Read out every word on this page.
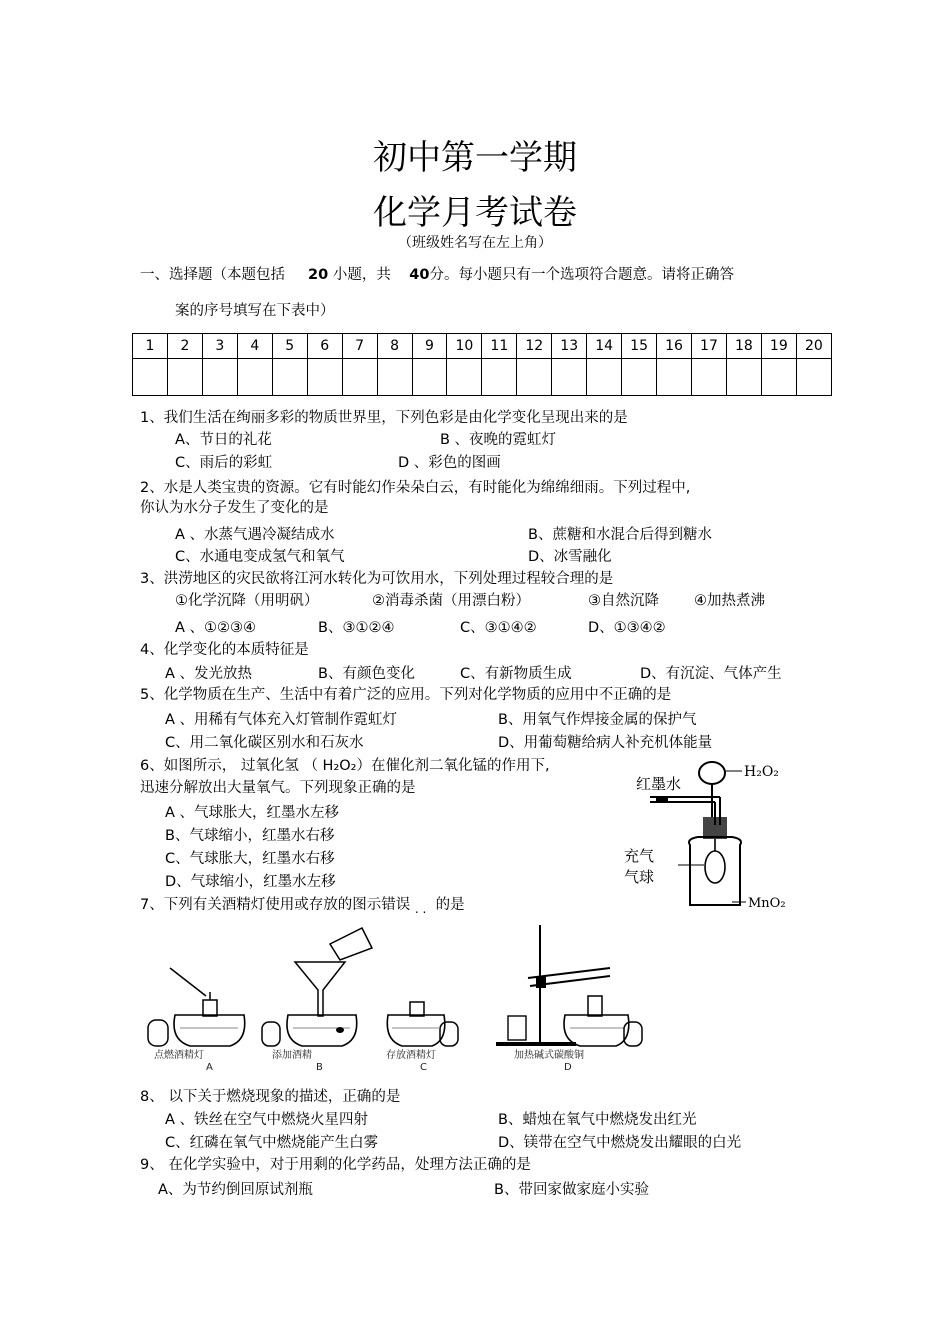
初中第一学期
化学月考试卷
（班级姓名写在左上角）
一、选择题（本题包括 20 小题，共 40分。每小题只有一个选项符合题意。请将正确答
案的序号填写在下表中）
1	2	3	4	5	6	7	8	9	10	11	12	13	14	15	16	17	18	19	20

1、我们生活在绚丽多彩的物质世界里，下列色彩是由化学变化呈现出来的是
A、节日的礼花	B 、夜晚的霓虹灯
C、雨后的彩虹	D 、彩色的图画
2、水是人类宝贵的资源。它有时能幻作朵朵白云，有时能化为绵绵细雨。下列过程中,
你认为水分子发生了变化的是
A 、水蒸气遇冷凝结成水	B、蔗糖和水混合后得到糖水
C、水通电变成氢气和氧气	D、冰雪融化
3、洪涝地区的灾民欲将江河水转化为可饮用水，下列处理过程较合理的是
①化学沉降（用明矾）	②消毒杀菌（用漂白粉）	③自然沉降 ④加热煮沸
A 、①②③④	B、③①②④	C、③①④②	D、①③④②
4、化学变化的本质特征是
A 、发光放热	B、有颜色变化	C、有新物质生成	D、有沉淀、气体产生
5、化学物质在生产、生活中有着广泛的应用。下列对化学物质的应用中不正确的是
A 、用稀有气体充入灯管制作霓虹灯	B、用氧气作焊接金属的保护气
C、用二氧化碳区别水和石灰水	D、用葡萄糖给病人补充机体能量
6、如图所示， 过氧化氢 （ H₂O₂）在催化剂二氧化锰的作用下,
迅速分解放出大量氧气。下列现象正确的是
A 、气球胀大，红墨水左移
B、气球缩小，红墨水右移
C、气球胀大，红墨水右移
D、气球缩小，红墨水左移
红墨水
H₂O₂
充气
气球
MnO₂
7、下列有关酒精灯使用或存放的图示错误 $_{. .}$ 的是
点燃酒精灯
A
添加酒精
B
存放酒精灯
C
加热碱式碳酸铜
D
8、 以下关于燃烧现象的描述，正确的是
A 、铁丝在空气中燃烧火星四射	B、蜡烛在氧气中燃烧发出红光
C、红磷在氧气中燃烧能产生白雾	D、镁带在空气中燃烧发出耀眼的白光
9、 在化学实验中，对于用剩的化学药品，处理方法正确的是
A、为节约倒回原试剂瓶	B、带回家做家庭小实验
